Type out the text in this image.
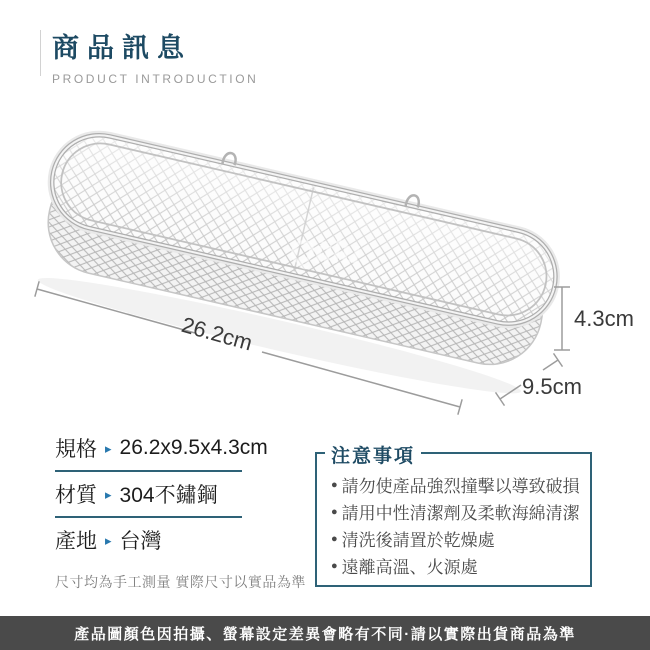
商品訊息
PRODUCT INTRODUCTION
Qiilu
26.2cm	4.3cm
9.5cm
規格 ▸ 26.2x9.5x4.3cm
材質 ▸ 304不鏽鋼
產地 ▸ 台灣
尺寸均為手工測量 實際尺寸以實品為準
注意事項
● 請勿使產品強烈撞擊以導致破損
● 請用中性清潔劑及柔軟海綿清潔
● 清洗後請置於乾燥處
● 遠離高溫、火源處
產品圖顏色因拍攝、螢幕設定差異會略有不同·請以實際出貨商品為準
